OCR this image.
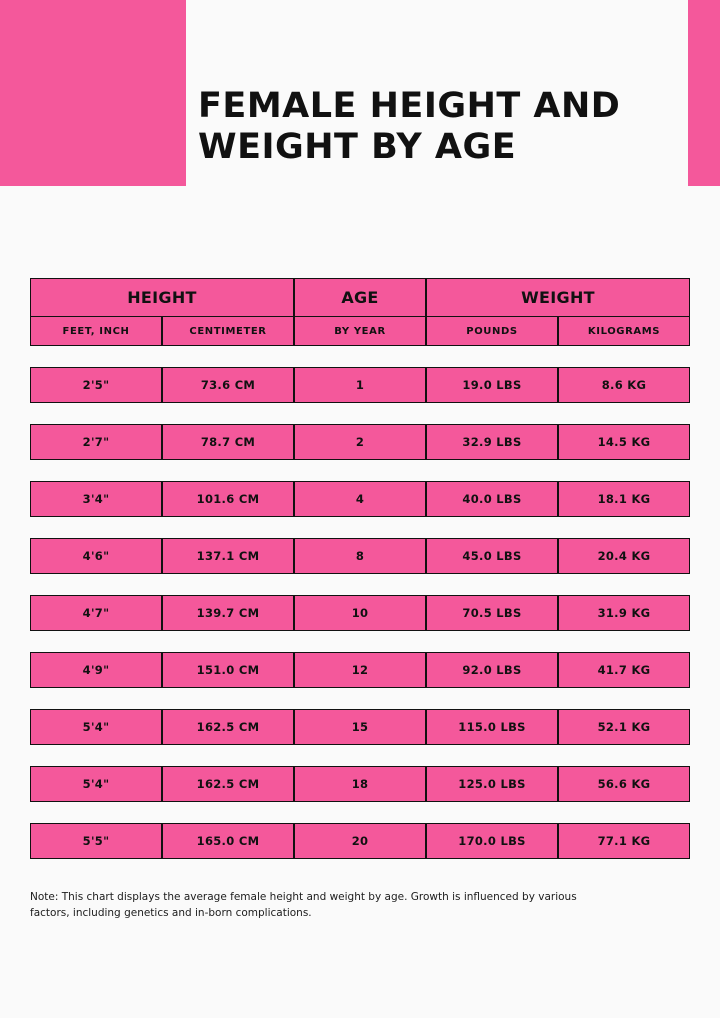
FEMALE HEIGHT AND WEIGHT BY AGE
HEIGHT	AGE	WEIGHT
FEET, INCH	CENTIMETER	BY YEAR	POUNDS	KILOGRAMS
2'5"	73.6 CM	1	19.0 LBS	8.6 KG
2'7"	78.7 CM	2	32.9 LBS	14.5 KG
3'4"	101.6 CM	4	40.0 LBS	18.1 KG
4'6"	137.1 CM	8	45.0 LBS	20.4 KG
4'7"	139.7 CM	10	70.5 LBS	31.9 KG
4'9"	151.0 CM	12	92.0 LBS	41.7 KG
5'4"	162.5 CM	15	115.0 LBS	52.1 KG
5'4"	162.5 CM	18	125.0 LBS	56.6 KG
5'5"	165.0 CM	20	170.0 LBS	77.1 KG
Note: This chart displays the average female height and weight by age. Growth is influenced by various factors, including genetics and in-born complications.
